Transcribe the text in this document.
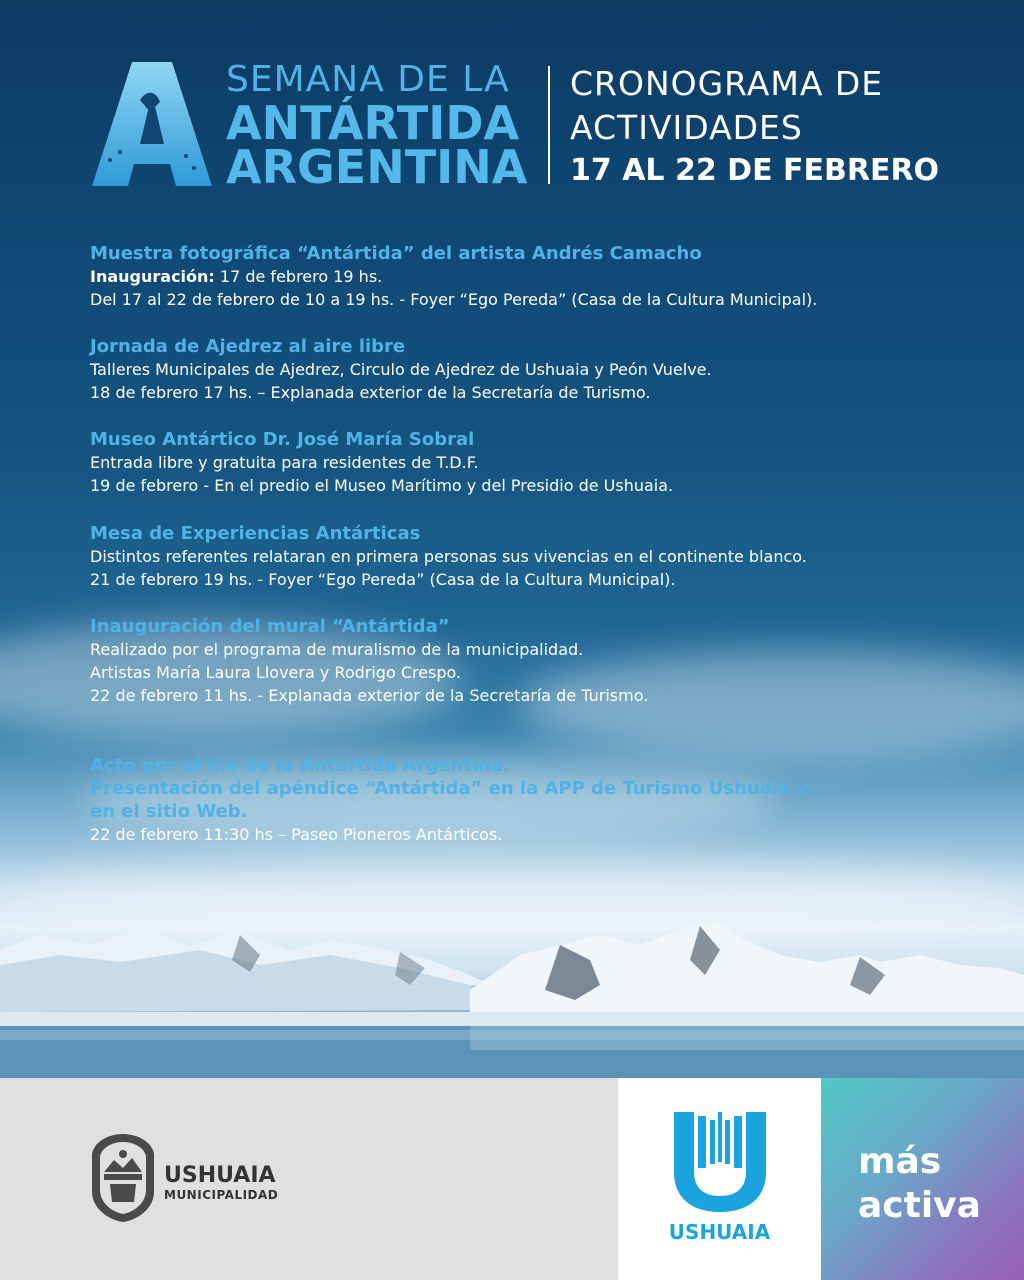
SEMANA DE LA
ANTÁRTIDA
ARGENTINA
CRONOGRAMA DE
ACTIVIDADES
17 AL 22 DE FEBRERO
Muestra fotográfica “Antártida” del artista Andrés Camacho
Inauguración: 17 de febrero 19 hs.
Del 17 al 22 de febrero de 10 a 19 hs. - Foyer “Ego Pereda” (Casa de la Cultura Municipal).
Jornada de Ajedrez al aire libre
Talleres Municipales de Ajedrez, Circulo de Ajedrez de Ushuaia y Peón Vuelve.
18 de febrero 17 hs. – Explanada exterior de la Secretaría de Turismo.
Museo Antártico Dr. José María Sobral
Entrada libre y gratuita para residentes de T.D.F.
19 de febrero - En el predio el Museo Marítimo y del Presidio de Ushuaia.
Mesa de Experiencias Antárticas
Distintos referentes relataran en primera personas sus vivencias en el continente blanco.
21 de febrero 19 hs. - Foyer “Ego Pereda” (Casa de la Cultura Municipal).
Inauguración del mural “Antártida”
Realizado por el programa de muralismo de la municipalidad.
Artistas María Laura Llovera y Rodrigo Crespo.
22 de febrero 11 hs. - Explanada exterior de la Secretaría de Turismo.
Acto por el día de la Antártida Argentina.
Presentación del apéndice “Antártida” en la APP de Turismo Ushuaia y
en el sitio Web.
22 de febrero 11:30 hs – Paseo Pioneros Antárticos.
USHUAIA
MUNICIPALIDAD
USHUAIA
más
activa
